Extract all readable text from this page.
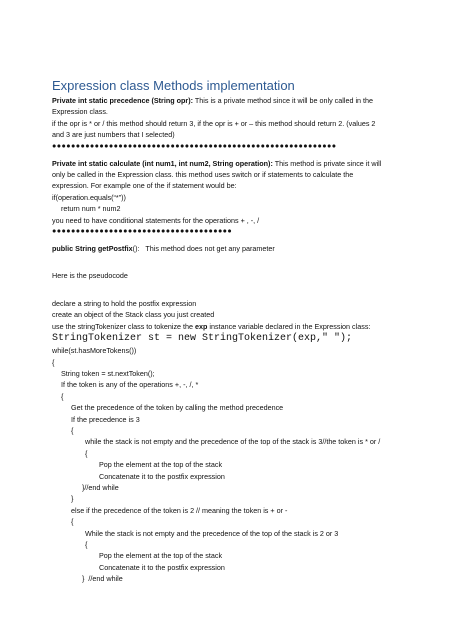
Expression class Methods implementation

Private int static precedence (String opr): This is a private method since it will be only called in the

Expression class.

if the opr is * or / this method should return 3, if the opr is + or – this method should return 2. (values 2

and 3 are just numbers that I selected)

●●●●●●●●●●●●●●●●●●●●●●●●●●●●●●●●●●●●●●●●●●●●●●●●●●●●●●●●●●●●

Private int static calculate (int num1, int num2, String operation): This method is private since it will

only be called in the Expression class. this method uses switch or if statements to calculate the

expression. For example one of the if statement would be:

if(operation.equals(“*”))

return num * num2

you need to have conditional statements for the operations + , -, /

●●●●●●●●●●●●●●●●●●●●●●●●●●●●●●●●●●●●●●

public String getPostfix():   This method does not get any parameter

Here is the pseudocode

declare a string to hold the postfix expression

create an object of the Stack class you just created

use the stringTokenizer class to tokenize the exp instance variable declared in the Expression class:

StringTokenizer st = new StringTokenizer(exp," ");

while(st.hasMoreTokens())

{

String token = st.nextToken();

If the token is any of the operations +, -, /, *

{

Get the precedence of the token by calling the method precedence

If the precedence is 3

{

while the stack is not empty and the precedence of the top of the stack is 3//the token is * or /

{

Pop the element at the top of the stack

Concatenate it to the postfix expression

}//end while

}

else if the precedence of the token is 2 // meaning the token is + or -

{

While the stack is not empty and the precedence of the top of the stack is 2 or 3

{

Pop the element at the top of the stack

Concatenate it to the postfix expression

}  //end while
